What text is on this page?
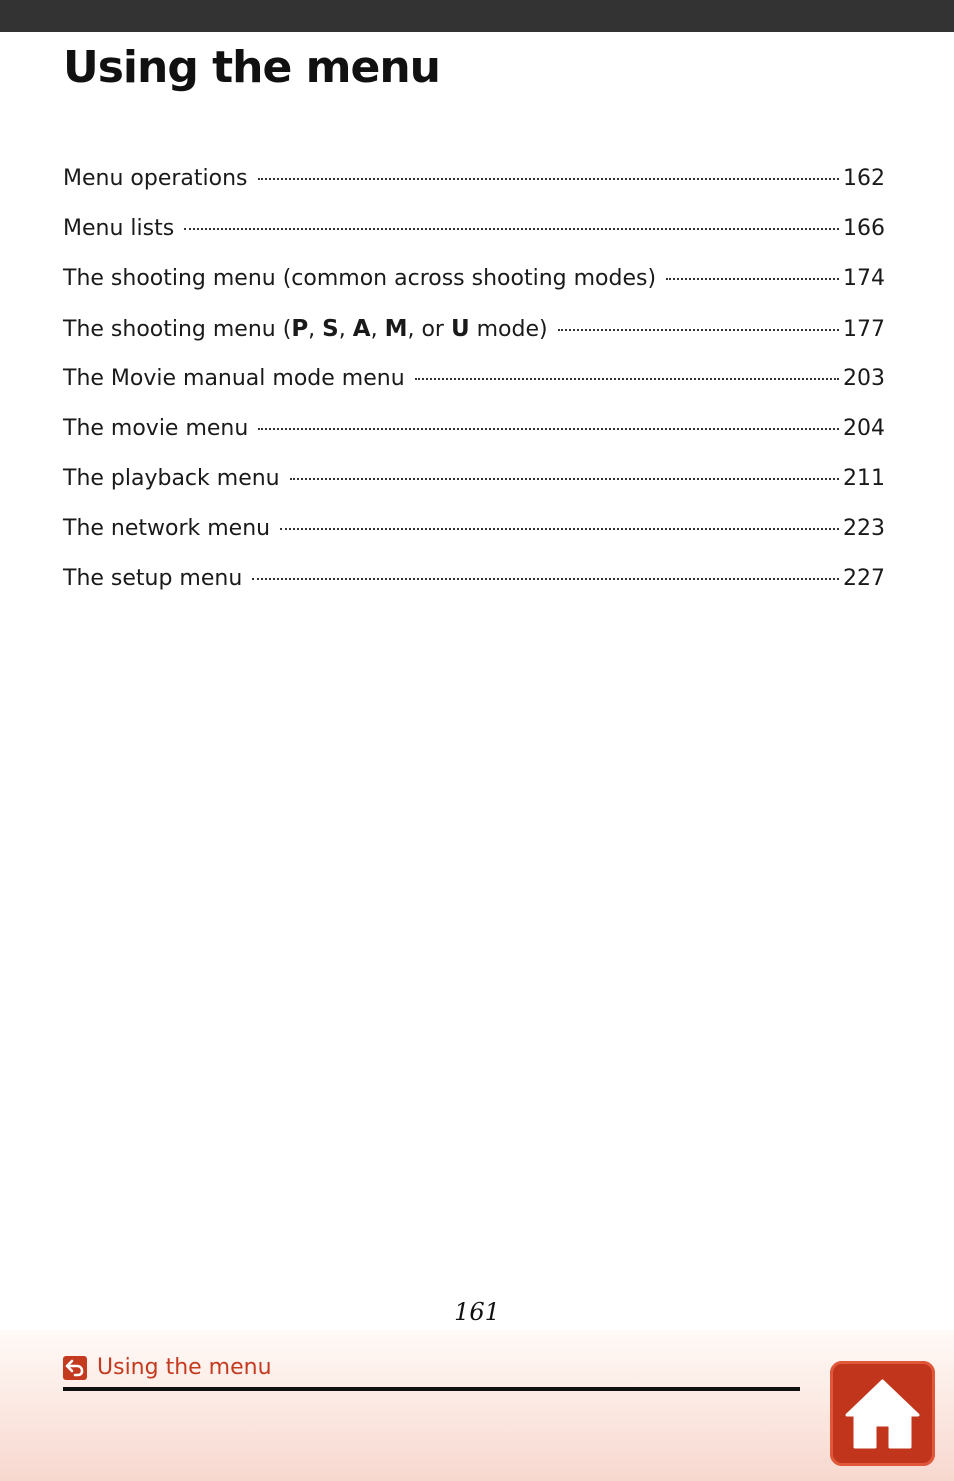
Using the menu
Menu operations	162
Menu lists	166
The shooting menu (common across shooting modes)	174
The shooting menu (P, S, A, M, or U mode)	177
The Movie manual mode menu	203
The movie menu	204
The playback menu	211
The network menu	223
The setup menu	227
161
Using the menu
